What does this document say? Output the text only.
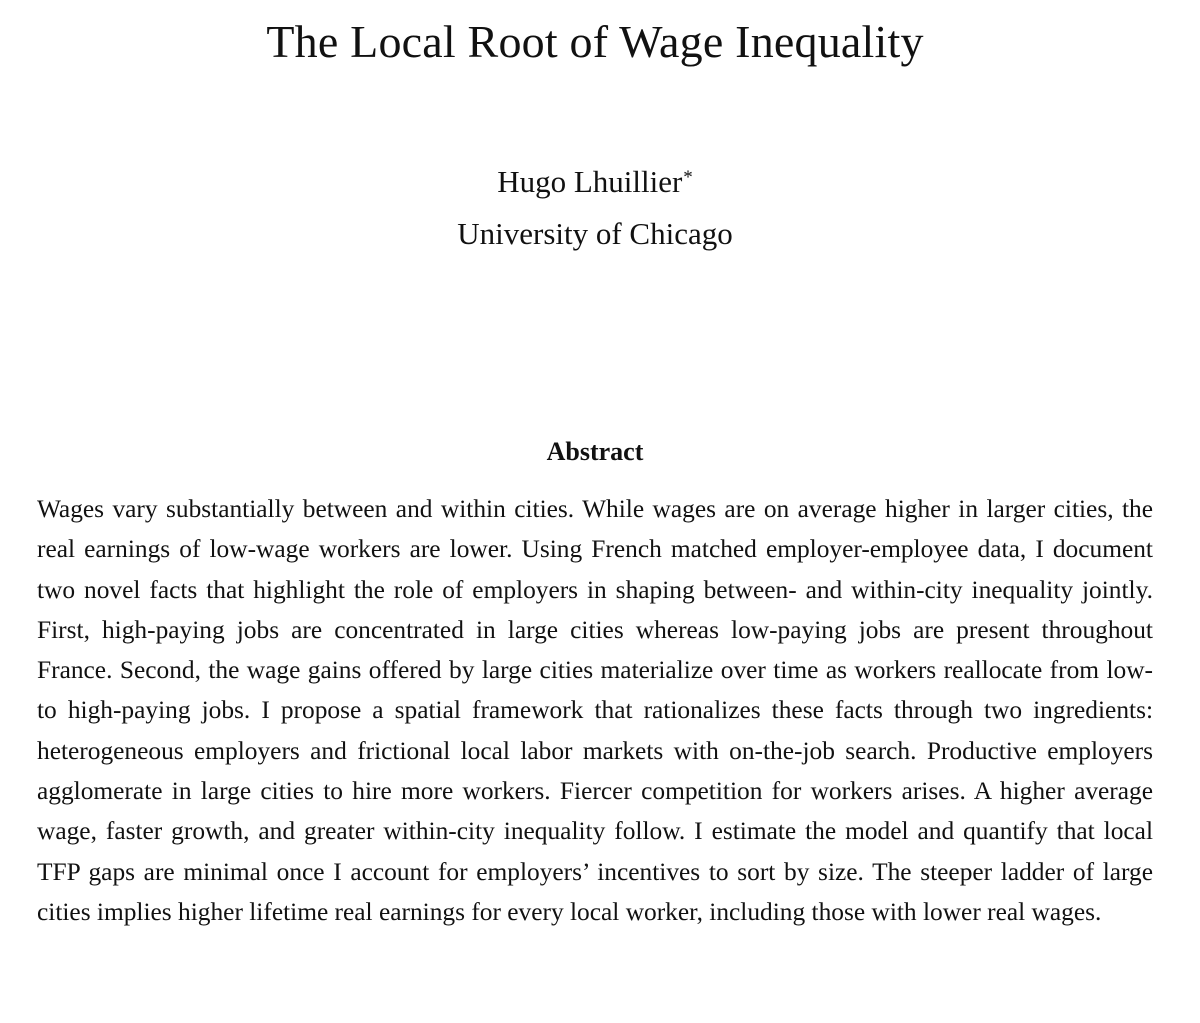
The Local Root of Wage Inequality
Hugo Lhuillier*
University of Chicago
Abstract

Wages vary substantially between and within cities. While wages are on average higher in larger cities, the real earnings of low-wage workers are lower. Using French matched employer-employee data, I document two novel facts that highlight the role of employers in shaping between- and within-city inequality jointly. First, high-paying jobs are concentrated in large cities whereas low-paying jobs are present throughout France. Second, the wage gains offered by large cities materialize over time as workers reallocate from low- to high-paying jobs. I propose a spatial framework that rationalizes these facts through two ingredients: heterogeneous employers and frictional local labor markets with on-the-job search. Productive employers agglomerate in large cities to hire more workers. Fiercer competition for workers arises. A higher average wage, faster growth, and greater within-city inequality follow. I estimate the model and quantify that local TFP gaps are minimal once I account for employers’ incentives to sort by size. The steeper ladder of large cities implies higher lifetime real earnings for every local worker, including those with lower real wages.
